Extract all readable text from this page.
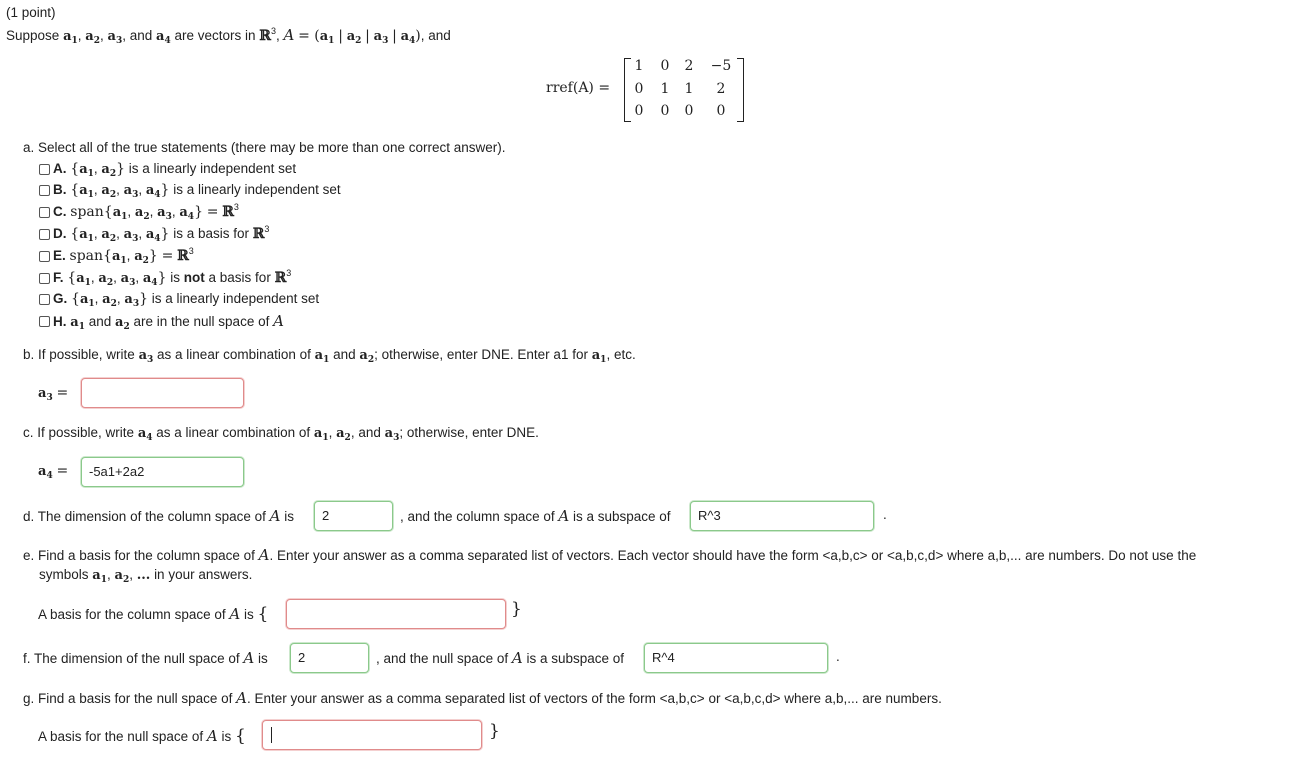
(1 point)
Suppose $a_1$, $a_2$, $a_3$, and $a_4$ are vectors in ℝ$^3$, $A = (a_1$ | $a_2$ | $a_3$ | $a_4$), and
rref(A) =
1	0	2	−5
0	1	1	2
0	0	0	0
a. Select all of the true statements (there may be more than one correct answer).
A. {$a_1$, $a_2$} is a linearly independent set
B. {$a_1$, $a_2$, $a_3$, $a_4$} is a linearly independent set
C. $span\{a_1$, $a_2$, $a_3$, $a_4$} = ℝ$^3$
D. {$a_1$, $a_2$, $a_3$, $a_4$} is a basis for ℝ$^3$
E. $span\{a_1$, $a_2$} = ℝ$^3$
F. {$a_1$, $a_2$, $a_3$, $a_4$} is not a basis for ℝ$^3$
G. {$a_1$, $a_2$, $a_3$} is a linearly independent set
H. $a_1$ and $a_2$ are in the null space of A
b. If possible, write $a_3$ as a linear combination of $a_1$ and $a_2$; otherwise, enter DNE. Enter a1 for $a_1$, etc.
$a_3$ =
c. If possible, write $a_4$ as a linear combination of $a_1$, $a_2$, and $a_3$; otherwise, enter DNE.
$a_4$ =	-5a1+2a2
d. The dimension of the column space of A is	2	, and the column space of A is a subspace of	R^3	.
e. Find a basis for the column space of A. Enter your answer as a comma separated list of vectors. Each vector should have the form <a,b,c> or <a,b,c,d> where a,b,... are numbers. Do not use the
symbols $a_1$, $a_2$, ... in your answers.
A basis for the column space of A is {	}
f. The dimension of the null space of A is	2	, and the null space of A is a subspace of	R^4	.
g. Find a basis for the null space of A. Enter your answer as a comma separated list of vectors of the form <a,b,c> or <a,b,c,d> where a,b,... are numbers.
A basis for the null space of A is {	}
